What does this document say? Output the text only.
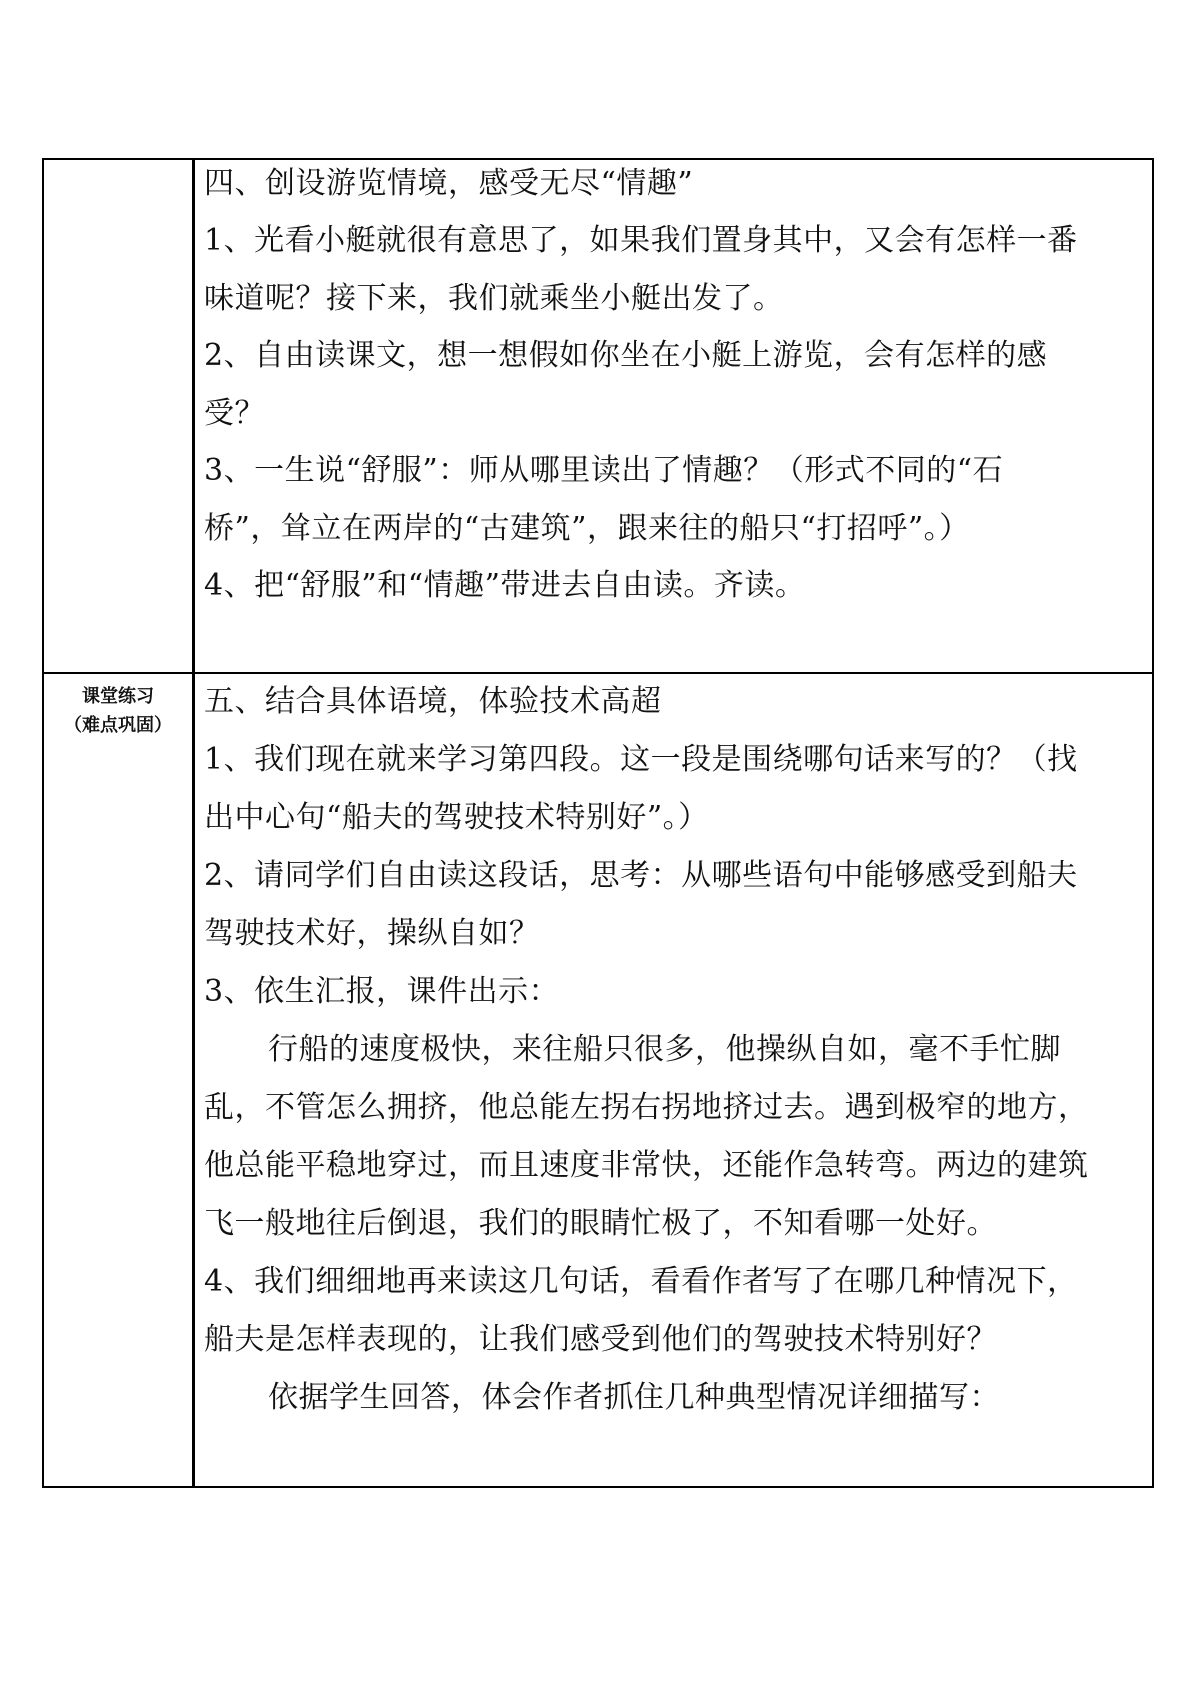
四、创设游览情境，感受无尽“情趣”
1、光看小艇就很有意思了，如果我们置身其中，又会有怎样一番
味道呢？接下来，我们就乘坐小艇出发了。
2、自由读课文，想一想假如你坐在小艇上游览，会有怎样的感
受？
3、一生说“舒服”：师从哪里读出了情趣？（形式不同的“石
桥”，耸立在两岸的“古建筑”，跟来往的船只“打招呼”。）
4、把“舒服”和“情趣”带进去自由读。齐读。
课堂练习
（难点巩固）
五、结合具体语境，体验技术高超
1、我们现在就来学习第四段。这一段是围绕哪句话来写的？（找
出中心句“船夫的驾驶技术特别好”。）
2、请同学们自由读这段话，思考：从哪些语句中能够感受到船夫
驾驶技术好，操纵自如？
3、依生汇报，课件出示：
行船的速度极快，来往船只很多，他操纵自如，毫不手忙脚
乱，不管怎么拥挤，他总能左拐右拐地挤过去。遇到极窄的地方，
他总能平稳地穿过，而且速度非常快，还能作急转弯。两边的建筑
飞一般地往后倒退，我们的眼睛忙极了，不知看哪一处好。
4、我们细细地再来读这几句话，看看作者写了在哪几种情况下，
船夫是怎样表现的，让我们感受到他们的驾驶技术特别好？
依据学生回答，体会作者抓住几种典型情况详细描写：
